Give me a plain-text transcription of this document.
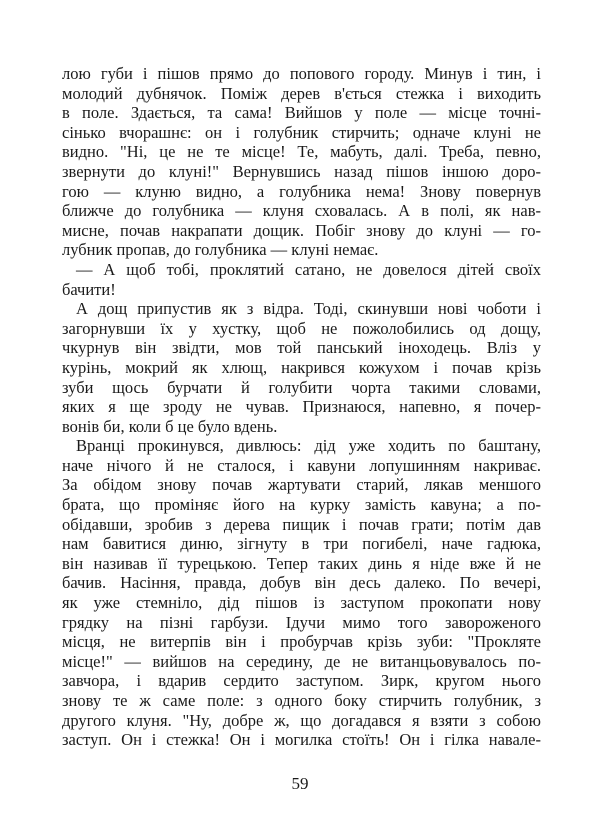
лою губи і пішов прямо до попового городу. Минув і тин, і
молодий дубнячок. Поміж дерев в'ється стежка і виходить
в поле. Здається, та сама! Вийшов у поле — місце точні-
сінько вчорашнє: он і голубник стирчить; одначе клуні не
видно. "Ні, це не те місце! Те, мабуть, далі. Треба, певно,
звернути до клуні!" Вернувшись назад пішов іншою доро-
гою — клуню видно, а голубника нема! Знову повернув
ближче до голубника — клуня сховалась. А в полі, як нав-
мисне, почав накрапати дощик. Побіг знову до клуні — го-
лубник пропав, до голубника — клуні немає.
— А щоб тобі, проклятий сатано, не довелося дітей своїх
бачити!
А дощ припустив як з відра. Тоді, скинувши нові чоботи і
загорнувши їх у хустку, щоб не пожолобились од дощу,
чкурнув він звідти, мов той панський іноходець. Вліз у
курінь, мокрий як хлющ, накрився кожухом і почав крізь
зуби щось бурчати й голубити чорта такими словами,
яких я ще зроду не чував. Признаюся, напевно, я почер-
вонів би, коли б це було вдень.
Вранці прокинувся, дивлюсь: дід уже ходить по баштану,
наче нічого й не сталося, і кавуни лопушинням накриває.
За обідом знову почав жартувати старий, лякав меншого
брата, що проміняє його на курку замість кавуна; а по-
обідавши, зробив з дерева пищик і почав грати; потім дав
нам бавитися диню, зігнуту в три погибелі, наче гадюка,
він називав її турецькою. Тепер таких динь я ніде вже й не
бачив. Насіння, правда, добув він десь далеко. По вечері,
як уже стемніло, дід пішов із заступом прокопати нову
грядку на пізні гарбузи. Ідучи мимо того завороженого
місця, не витерпів він і пробурчав крізь зуби: "Прокляте
місце!" — вийшов на середину, де не витанцьовувалось по-
завчора, і вдарив сердито заступом. Зирк, кругом нього
знову те ж саме поле: з одного боку стирчить голубник, з
другого клуня. "Ну, добре ж, що догадався я взяти з собою
заступ. Он і стежка! Он і могилка стоїть! Он і гілка навале-
59
